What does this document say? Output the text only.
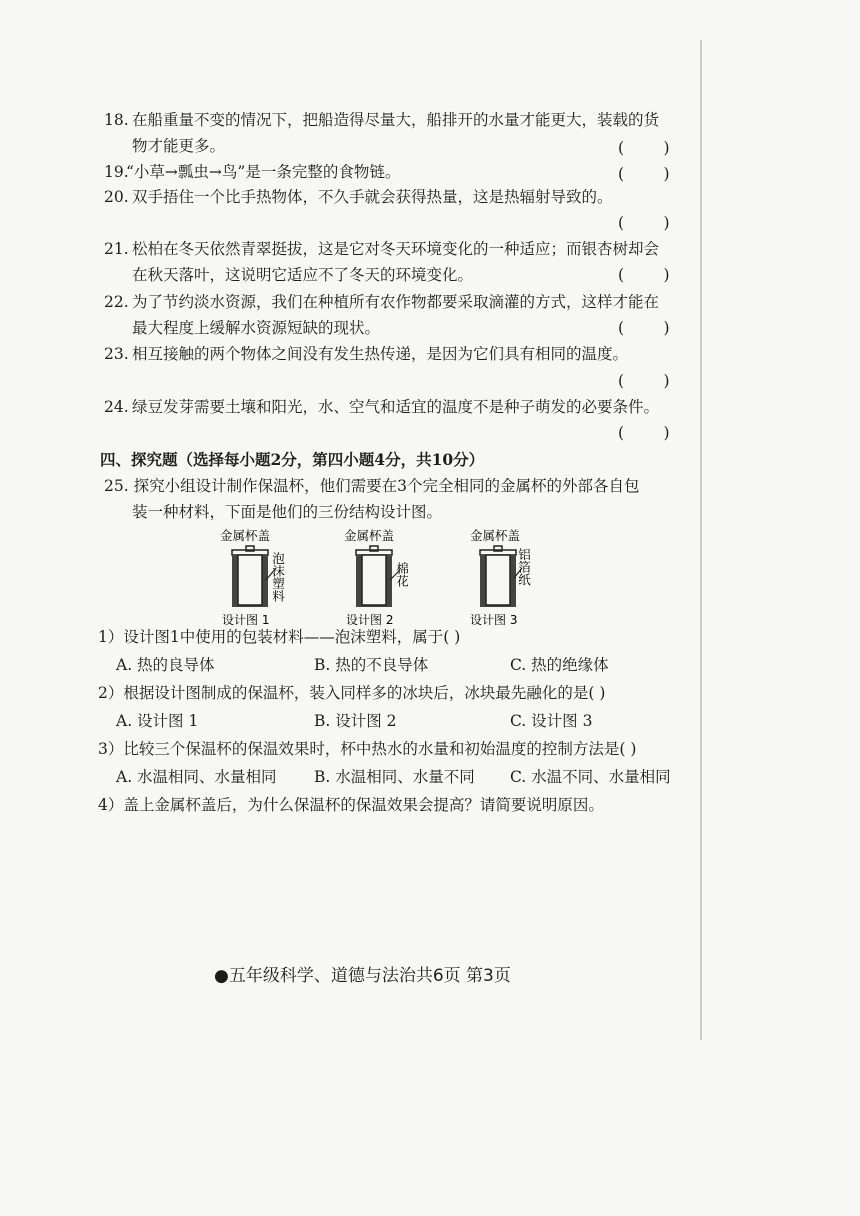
18. 在船重量不变的情况下，把船造得尽量大，船排开的水量才能更大，装载的货
物才能更多。	(        )
19.
“小草→瓢虫→鸟”是一条完整的食物链。	(        )
20. 双手捂住一个比手热物体，不久手就会获得热量，这是热辐射导致的。
(        )
21. 松柏在冬天依然青翠挺拔，这是它对冬天环境变化的一种适应；而银杏树却会
在秋天落叶，这说明它适应不了冬天的环境变化。	(        )
22. 为了节约淡水资源，我们在种植所有农作物都要采取滴灌的方式，这样才能在
最大程度上缓解水资源短缺的现状。	(        )
23. 相互接触的两个物体之间没有发生热传递，是因为它们具有相同的温度。
(        )
24. 绿豆发芽需要土壤和阳光，水、空气和适宜的温度不是种子萌发的必要条件。
(        )
四、探究题（选择每小题2分，第四小题4分，共10分）
25. 探究小组设计制作保温杯，他们需要在3个完全相同的金属杯的外部各自包
装一种材料，下面是他们的三份结构设计图。
金属杯盖
泡沫塑料
设计图 1
金属杯盖
棉花
设计图 2
金属杯盖
铝箔纸
设计图 3
1）设计图1中使用的包装材料——泡沫塑料，属于( )
A. 热的良导体	B. 热的不良导体	C. 热的绝缘体
2）根据设计图制成的保温杯，装入同样多的冰块后，冰块最先融化的是( )
A. 设计图 1	B. 设计图 2	C. 设计图 3
3）比较三个保温杯的保温效果时，杯中热水的水量和初始温度的控制方法是( )
A. 水温相同、水量相同 B. 水温相同、水量不同 C. 水温不同、水量相同
4）盖上金属杯盖后，为什么保温杯的保温效果会提高？请简要说明原因。
●五年级科学、道德与法治共6页 第3页
